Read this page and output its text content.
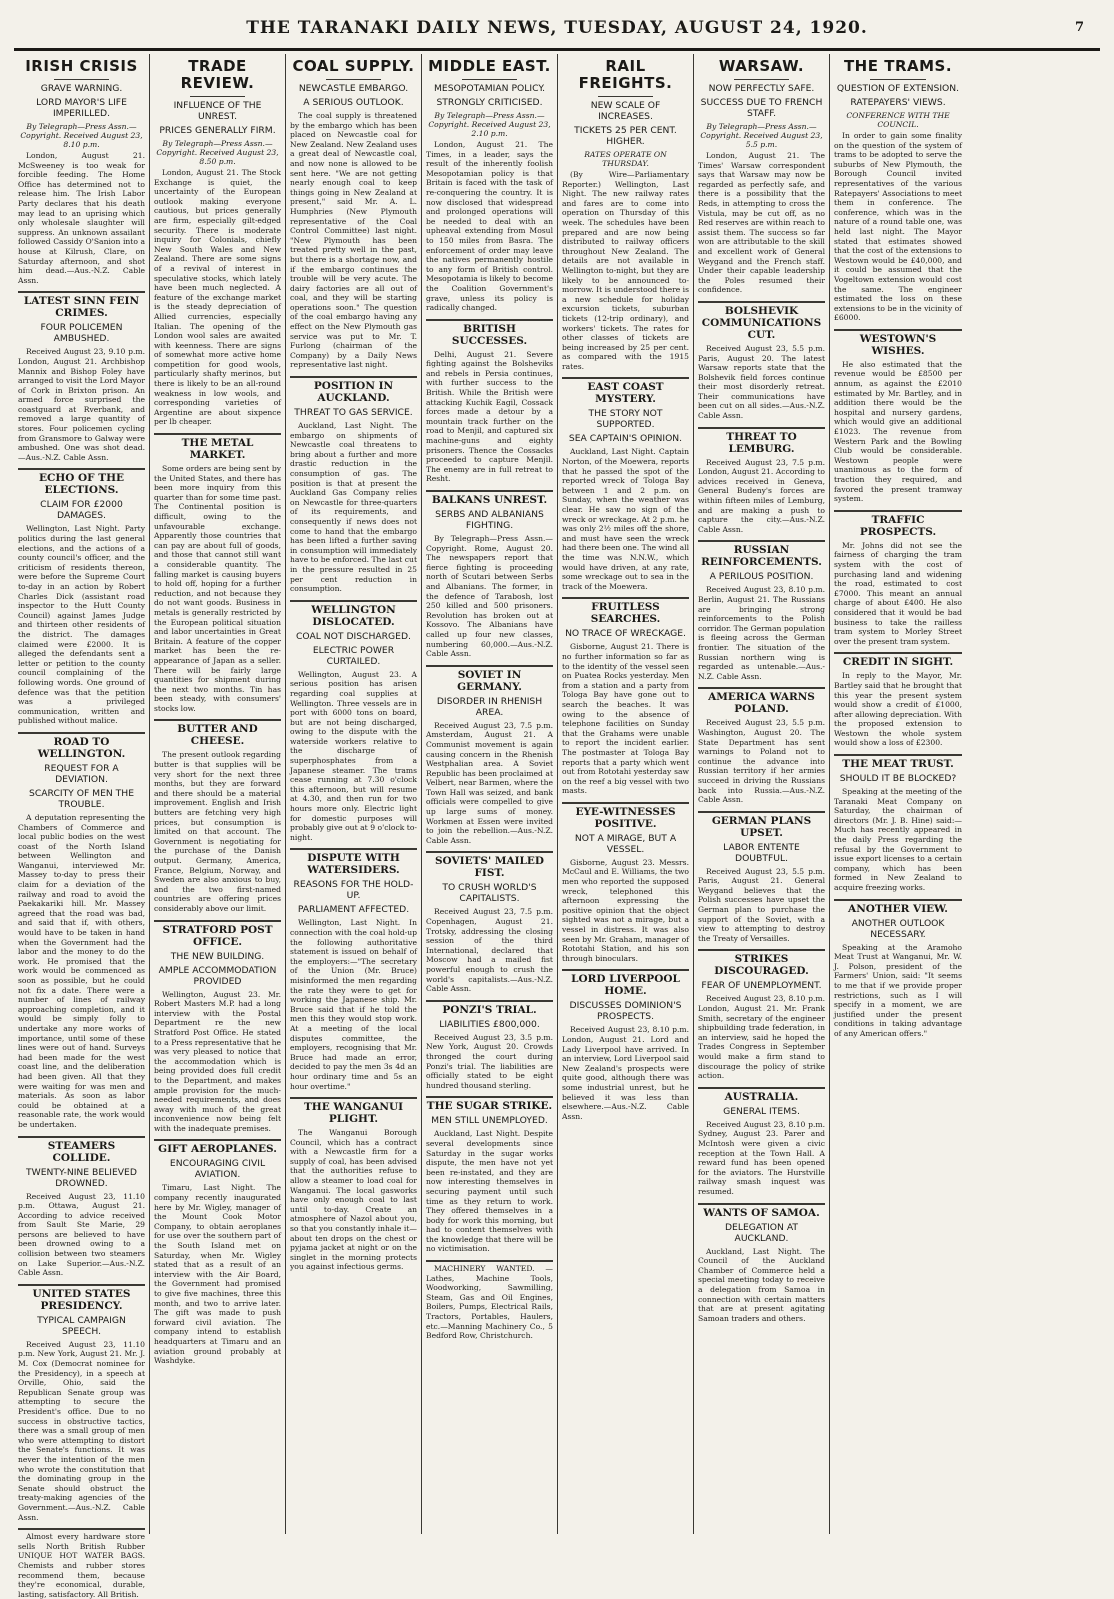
THE TARANAKI DAILY NEWS, TUESDAY, AUGUST 24, 1920.	7
IRISH CRISIS
GRAVE WARNING.
LORD MAYOR'S LIFE IMPERILLED.
By Telegraph—Press Assn.—Copyright. Received August 23, 8.10 p.m.
London, August 21. McSweeney is too weak for forcible feeding. The Home Office has determined not to release him. The Irish Labor Party declares that his death may lead to an uprising which only wholesale slaughter will suppress. An unknown assailant followed Cassidy O'Sanion into a house at Kilrush, Clare, on Saturday afternoon, and shot him dead.—Aus.-N.Z. Cable Assn.
LATEST SINN FEIN CRIMES.
FOUR POLICEMEN AMBUSHED.
Received August 23, 9.10 p.m. London, August 21. Archbishop Mannix and Bishop Foley have arranged to visit the Lord Mayor of Cork in Brixton prison. An armed force surprised the coastguard at Rverbank, and removed a large quantity of stores. Four policemen cycling from Gransmore to Galway were ambushed. One was shot dead.—Aus.-N.Z. Cable Assn.
ECHO OF THE ELECTIONS.
CLAIM FOR £2000 DAMAGES.
Wellington, Last Night. Party politics during the last general elections, and the actions of a county council's officer, and the criticism of residents thereon, were before the Supreme Court to-day in an action by Robert Charles Dick (assistant road inspector to the Hutt County Council) against James Judge and thirteen other residents of the district. The damages claimed were £2000. It is alleged the defendants sent a letter or petition to the county council complaining of the following words. One ground of defence was that the petition was a privileged communication, written and published without malice.
ROAD TO WELLINGTON.
REQUEST FOR A DEVIATION.
SCARCITY OF MEN THE TROUBLE.
A deputation representing the Chambers of Commerce and local public bodies on the west coast of the North Island between Wellington and Wanganui, interviewed Mr. Massey to-day to press their claim for a deviation of the railway and road to avoid the Paekakariki hill. Mr. Massey agreed that the road was bad, and said that if, with others, would have to be taken in hand when the Government had the labor and the money to do the work. He promised that the work would be commenced as soon as possible, but he could not fix a date. There were a number of lines of railway approaching completion, and it would be simply folly to undertake any more works of importance, until some of these lines were out of hand. Surveys had been made for the west coast line, and the deliberation had been given. All that they were waiting for was men and materials. As soon as labor could be obtained at a reasonable rate, the work would be undertaken.
STEAMERS COLLIDE.
TWENTY-NINE BELIEVED DROWNED.
Received August 23, 11.10 p.m. Ottawa, August 21. According to advice received from Sault Ste Marie, 29 persons are believed to have been drowned owing to a collision between two steamers on Lake Superior.—Aus.-N.Z. Cable Assn.
UNITED STATES PRESIDENCY.
TYPICAL CAMPAIGN SPEECH.
Received August 23, 11.10 p.m. New York, August 21. Mr. J. M. Cox (Democrat nominee for the Presidency), in a speech at Orville, Ohio, said the Republican Senate group was attempting to secure the President's office. Due to no success in obstructive tactics, there was a small group of men who were attempting to distort the Senate's functions. It was never the intention of the men who wrote the constitution that the dominating group in the Senate should obstruct the treaty-making agencies of the Government.—Aus.-N.Z. Cable Assn.
Almost every hardware store sells North British Rubber UNIQUE HOT WATER BAGS. Chemists and rubber stores recommend them, because they're economical, durable, lasting, satisfactory. All British.
TRADE REVIEW.
INFLUENCE OF THE UNREST.
PRICES GENERALLY FIRM.
By Telegraph—Press Assn.—Copyright. Received August 23, 8.50 p.m.
London, August 21. The Stock Exchange is quiet, the uncertainty of the European outlook making everyone cautious, but prices generally are firm, especially gilt-edged security. There is moderate inquiry for Colonials, chiefly New South Wales and New Zealand. There are some signs of a revival of interest in speculative stocks, which lately have been much neglected. A feature of the exchange market is the steady depreciation of Allied currencies, especially Italian. The opening of the London wool sales are awaited with keenness. There are signs of somewhat more active home competition for good wools, particularly shafty merinos, but there is likely to be an all-round weakness in low wools, and corresponding varieties of Argentine are about sixpence per lb cheaper.
THE METAL MARKET.
Some orders are being sent by the United States, and there has been more inquiry from this quarter than for some time past. The Continental position is difficult, owing to the unfavourable exchange. Apparently those countries that can pay are about full of goods, and those that cannot still want a considerable quantity. The falling market is causing buyers to hold off, hoping for a further reduction, and not because they do not want goods. Business in metals is generally restricted by the European political situation and labor uncertainties in Great Britain. A feature of the copper market has been the re-appearance of Japan as a seller. There will be fairly large quantities for shipment during the next two months. Tin has been steady, with consumers' stocks low.
BUTTER AND CHEESE.
The present outlook regarding butter is that supplies will be very short for the next three months, but they are forward and there should be a material improvement. English and Irish butters are fetching very high prices, but consumption is limited on that account. The Government is negotiating for the purchase of the Danish output. Germany, America, France, Belgium, Norway, and Sweden are also anxious to buy, and the two first-named countries are offering prices considerably above our limit.
STRATFORD POST OFFICE.
THE NEW BUILDING.
AMPLE ACCOMMODATION PROVIDED
Wellington, August 23. Mr. Robert Masters M.P. had a long interview with the Postal Department re the new Stratford Post Office. He stated to a Press representative that he was very pleased to notice that the accommodation which is being provided does full credit to the Department, and makes ample provision for the much-needed requirements, and does away with much of the great inconvenience now being felt with the inadequate premises.
GIFT AEROPLANES.
ENCOURAGING CIVIL AVIATION.
Timaru, Last Night. The company recently inaugurated here by Mr. Wigley, manager of the Mount Cook Motor Company, to obtain aeroplanes for use over the southern part of the South Island met on Saturday, when Mr. Wigley stated that as a result of an interview with the Air Board, the Government had promised to give five machines, three this month, and two to arrive later. The gift was made to push forward civil aviation. The company intend to establish headquarters at Timaru and an aviation ground probably at Washdyke.
COAL SUPPLY.
NEWCASTLE EMBARGO.
A SERIOUS OUTLOOK.
The coal supply is threatened by the embargo which has been placed on Newcastle coal for New Zealand. New Zealand uses a great deal of Newcastle coal, and now none is allowed to be sent here. "We are not getting nearly enough coal to keep things going in New Zealand at present," said Mr. A. L. Humphries (New Plymouth representative of the Coal Control Committee) last night. "New Plymouth has been treated pretty well in the past, but there is a shortage now, and if the embargo continues the trouble will be very acute. The dairy factories are all out of coal, and they will be starting operations soon." The question of the coal embargo having any effect on the New Plymouth gas service was put to Mr. T. Furlong (chairman of the Company) by a Daily News representative last night.
POSITION IN AUCKLAND.
THREAT TO GAS SERVICE.
Auckland, Last Night. The embargo on shipments of Newcastle coal threatens to bring about a further and more drastic reduction in the consumption of gas. The position is that at present the Auckland Gas Company relies on Newcastle for three-quarters of its requirements, and consequently if news does not come to hand that the embargo has been lifted a further saving in consumption will immediately have to be enforced. The last cut in the pressure resulted in 25 per cent reduction in consumption.
WELLINGTON DISLOCATED.
COAL NOT DISCHARGED.
ELECTRIC POWER CURTAILED.
Wellington, August 23. A serious position has arisen regarding coal supplies at Wellington. Three vessels are in port with 6000 tons on board, but are not being discharged, owing to the dispute with the waterside workers relative to the discharge of superphosphates from a Japanese steamer. The trams cease running at 7.30 o'clock this afternoon, but will resume at 4.30, and then run for two hours more only. Electric light for domestic purposes will probably give out at 9 o'clock to-night.
DISPUTE WITH WATERSIDERS.
REASONS FOR THE HOLD-UP.
PARLIAMENT AFFECTED.
Wellington, Last Night. In connection with the coal hold-up the following authoritative statement is issued on behalf of the employers:—"The secretary of the Union (Mr. Bruce) misinformed the men regarding the rate they were to get for working the Japanese ship. Mr. Bruce said that if he told the men this they would stop work. At a meeting of the local disputes committee, the employers, recognising that Mr. Bruce had made an error, decided to pay the men 3s 4d an hour ordinary time and 5s an hour overtime."
THE WANGANUI PLIGHT.
The Wanganui Borough Council, which has a contract with a Newcastle firm for a supply of coal, has been advised that the authorities refuse to allow a steamer to load coal for Wanganui. The local gasworks have only enough coal to last until to-day. Create an atmosphere of Nazol about you, so that you constantly inhale it—about ten drops on the chest or pyjama jacket at night or on the singlet in the morning protects you against infectious germs.
MIDDLE EAST.
MESOPOTAMIAN POLICY.
STRONGLY CRITICISED.
By Telegraph—Press Assn.—Copyright. Received August 23, 2.10 p.m.
London, August 21. The Times, in a leader, says the result of the inherently foolish Mesopotamian policy is that Britain is faced with the task of re-conquering the country. It is now disclosed that widespread and prolonged operations will be needed to deal with an upheaval extending from Mosul to 150 miles from Basra. The enforcement of order may leave the natives permanently hostile to any form of British control. Mesopotamia is likely to become the Coalition Government's grave, unless its policy is radically changed.
BRITISH SUCCESSES.
Delhi, August 21. Severe fighting against the Bolsheviks and rebels in Persia continues, with further success to the British. While the British were attacking Kuchik Eagil, Cossack forces made a detour by a mountain track further on the road to Menjil, and captured six machine-guns and eighty prisoners. Thence the Cossacks proceeded to capture Menjil. The enemy are in full retreat to Resht.
BALKANS UNREST.
SERBS AND ALBANIANS FIGHTING.
By Telegraph—Press Assn.—Copyright. Rome, August 20. The newspapers report that fierce fighting is proceeding north of Scutari between Serbs and Albanians. The former, in the defence of Tarabosh, lost 250 killed and 500 prisoners. Revolution has broken out at Kossovo. The Albanians have called up four new classes, numbering 60,000.—Aus.-N.Z. Cable Assn.
SOVIET IN GERMANY.
DISORDER IN RHENISH AREA.
Received August 23, 7.5 p.m. Amsterdam, August 21. A Communist movement is again causing concern in the Rhenish Westphalian area. A Soviet Republic has been proclaimed at Velbert, near Barmen, where the Town Hall was seized, and bank officials were compelled to give up large sums of money. Workmen at Essen were invited to join the rebellion.—Aus.-N.Z. Cable Assn.
SOVIETS' MAILED FIST.
TO CRUSH WORLD'S CAPITALISTS.
Received August 23, 7.5 p.m. Copenhagen, August 21. Trotsky, addressing the closing session of the third International, declared that Moscow had a mailed fist powerful enough to crush the world's capitalists.—Aus.-N.Z. Cable Assn.
PONZI'S TRIAL.
LIABILITIES £800,000.
Received August 23, 3.5 p.m. New York, August 20. Crowds thronged the court during Ponzi's trial. The liabilities are officially stated to be eight hundred thousand sterling.
THE SUGAR STRIKE.
MEN STILL UNEMPLOYED.
Auckland, Last Night. Despite several developments since Saturday in the sugar works dispute, the men have not yet been re-instated, and they are now interesting themselves in securing payment until such time as they return to work. They offered themselves in a body for work this morning, but had to content themselves with the knowledge that there will be no victimisation.
MACHINERY WANTED. — Lathes, Machine Tools, Woodworking, Sawmilling, Steam, Gas and Oil Engines, Boilers, Pumps, Electrical Rails, Tractors, Portables, Haulers, etc.—Manning Machinery Co., 5 Bedford Row, Christchurch.
RAIL FREIGHTS.
NEW SCALE OF INCREASES.
TICKETS 25 PER CENT. HIGHER.
RATES OPERATE ON THURSDAY.
(By Wire—Parliamentary Reporter.) Wellington, Last Night. The new railway rates and fares are to come into operation on Thursday of this week. The schedules have been prepared and are now being distributed to railway officers throughout New Zealand. The details are not available in Wellington to-night, but they are likely to be announced to-morrow. It is understood there is a new schedule for holiday excursion tickets, suburban tickets (12-trip ordinary), and workers' tickets. The rates for other classes of tickets are being increased by 25 per cent. as compared with the 1915 rates.
EAST COAST MYSTERY.
THE STORY NOT SUPPORTED.
SEA CAPTAIN'S OPINION.
Auckland, Last Night. Captain Norton, of the Moewera, reports that he passed the spot of the reported wreck of Tologa Bay between 1 and 2 p.m. on Sunday, when the weather was clear. He saw no sign of the wreck or wreckage. At 2 p.m. he was only 2½ miles off the shore, and must have seen the wreck had there been one. The wind all the time was N.N.W., which would have driven, at any rate, some wreckage out to sea in the track of the Moewera.
FRUITLESS SEARCHES.
NO TRACE OF WRECKAGE.
Gisborne, August 21. There is no further information so far as to the identity of the vessel seen on Puatea Rocks yesterday. Men from a station and a party from Tologa Bay have gone out to search the beaches. It was owing to the absence of telephone facilities on Sunday that the Grahams were unable to report the incident earlier. The postmaster at Tologa Bay reports that a party which went out from Rototahi yesterday saw on the reef a big vessel with two masts.
EYE-WITNESSES POSITIVE.
NOT A MIRAGE, BUT A VESSEL.
Gisborne, August 23. Messrs. McCaul and E. Williams, the two men who reported the supposed wreck, telephoned this afternoon expressing the positive opinion that the object sighted was not a mirage, but a vessel in distress. It was also seen by Mr. Graham, manager of Rototahi Station, and his son through binoculars.
LORD LIVERPOOL HOME.
DISCUSSES DOMINION'S PROSPECTS.
Received August 23, 8.10 p.m. London, August 21. Lord and Lady Liverpool have arrived. In an interview, Lord Liverpool said New Zealand's prospects were quite good, although there was some industrial unrest, but he believed it was less than elsewhere.—Aus.-N.Z. Cable Assn.
WARSAW.
NOW PERFECTLY SAFE.
SUCCESS DUE TO FRENCH STAFF.
By Telegraph—Press Assn.—Copyright. Received August 23, 5.5 p.m.
London, August 21. The Times' Warsaw correspondent says that Warsaw may now be regarded as perfectly safe, and there is a possibility that the Reds, in attempting to cross the Vistula, may be cut off, as no Red reserves are within reach to assist them. The success so far won are attributable to the skill and excellent work of General Weygand and the French staff. Under their capable leadership the Poles resumed their confidence.
BOLSHEVIK COMMUNICATIONS CUT.
Received August 23, 5.5 p.m. Paris, August 20. The latest Warsaw reports state that the Bolshevik field forces continue their most disorderly retreat. Their communications have been cut on all sides.—Aus.-N.Z. Cable Assn.
THREAT TO LEMBURG.
Received August 23, 7.5 p.m. London, August 21. According to advices received in Geneva, General Budeny's forces are within fifteen miles of Lemburg, and are making a push to capture the city.—Aus.-N.Z. Cable Assn.
RUSSIAN REINFORCEMENTS.
A PERILOUS POSITION.
Received August 23, 8.10 p.m. Berlin, August 21. The Russians are bringing strong reinforcements to the Polish corridor. The German population is fleeing across the German frontier. The situation of the Russian northern wing is regarded as untenable.—Aus.-N.Z. Cable Assn.
AMERICA WARNS POLAND.
Received August 23, 5.5 p.m. Washington, August 20. The State Department has sent warnings to Poland not to continue the advance into Russian territory if her armies succeed in driving the Russians back into Russia.—Aus.-N.Z. Cable Assn.
GERMAN PLANS UPSET.
LABOR ENTENTE DOUBTFUL.
Received August 23, 5.5 p.m. Paris, August 21. General Weygand believes that the Polish successes have upset the German plan to purchase the support of the Soviet, with a view to attempting to destroy the Treaty of Versailles.
STRIKES DISCOURAGED.
FEAR OF UNEMPLOYMENT.
Received August 23, 8.10 p.m. London, August 21. Mr. Frank Smith, secretary of the engineer shipbuilding trade federation, in an interview, said he hoped the Trades Congress in September would make a firm stand to discourage the policy of strike action.
AUSTRALIA.
GENERAL ITEMS.
Received August 23, 8.10 p.m. Sydney, August 23. Parer and McIntosh were given a civic reception at the Town Hall. A reward fund has been opened for the aviators. The Hurstville railway smash inquest was resumed.
WANTS OF SAMOA.
DELEGATION AT AUCKLAND.
Auckland, Last Night. The Council of the Auckland Chamber of Commerce held a special meeting today to receive a delegation from Samoa in connection with certain matters that are at present agitating Samoan traders and others.
THE TRAMS.
QUESTION OF EXTENSION.
RATEPAYERS' VIEWS.
CONFERENCE WITH THE COUNCIL.
In order to gain some finality on the question of the system of trams to be adopted to serve the suburbs of New Plymouth, the Borough Council invited representatives of the various Ratepayers' Associations to meet them in conference. The conference, which was in the nature of a round table one, was held last night. The Mayor stated that estimates showed that the cost of the extensions to Westown would be £40,000, and it could be assumed that the Vogeltown extension would cost the same. The engineer estimated the loss on these extensions to be in the vicinity of £6000.
WESTOWN'S WISHES.
He also estimated that the revenue would be £8500 per annum, as against the £2010 estimated by Mr. Bartley, and in addition there would be the hospital and nursery gardens, which would give an additional £1023. The revenue from Western Park and the Bowling Club would be considerable. Westown people were unanimous as to the form of traction they required, and favored the present tramway system.
TRAFFIC PROSPECTS.
Mr. Johns did not see the fairness of charging the tram system with the cost of purchasing land and widening the road, estimated to cost £7000. This meant an annual charge of about £400. He also considered that it would be bad business to take the railless tram system to Morley Street over the present tram system.
CREDIT IN SIGHT.
In reply to the Mayor, Mr. Bartley said that he brought that this year the present system would show a credit of £1000, after allowing depreciation. With the proposed extension to Westown the whole system would show a loss of £2300.
THE MEAT TRUST.
SHOULD IT BE BLOCKED?
Speaking at the meeting of the Taranaki Meat Company on Saturday, the chairman of directors (Mr. J. B. Hine) said:—Much has recently appeared in the daily Press regarding the refusal by the Government to issue export licenses to a certain company, which has been formed in New Zealand to acquire freezing works.
ANOTHER VIEW.
ANOTHER OUTLOOK NECESSARY.
Speaking at the Aramoho Meat Trust at Wanganui, Mr. W. J. Polson, president of the Farmers' Union, said: "It seems to me that if we provide proper restrictions, such as I will specify in a moment, we are justified under the present conditions in taking advantage of any American offers."
